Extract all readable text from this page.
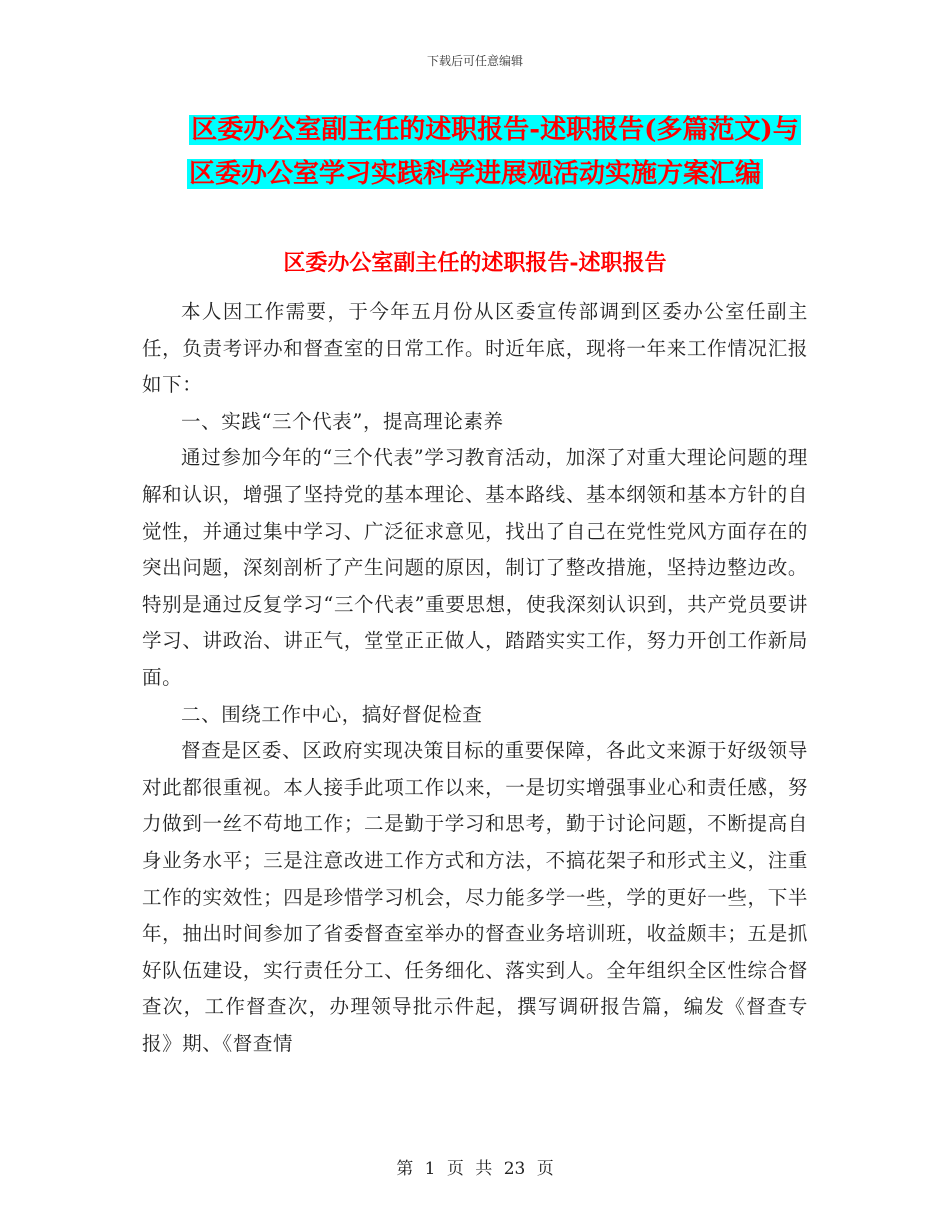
下载后可任意编辑
区委办公室副主任的述职报告-述职报告(多篇范文)与
区委办公室学习实践科学进展观活动实施方案汇编
区委办公室副主任的述职报告-述职报告

本人因工作需要，于今年五月份从区委宣传部调到区委办公室任副主任，负责考评办和督查室的日常工作。时近年底，现将一年来工作情况汇报如下：

一、实践“三个代表”，提高理论素养

通过参加今年的“三个代表”学习教育活动，加深了对重大理论问题的理解和认识，增强了坚持党的基本理论、基本路线、基本纲领和基本方针的自觉性，并通过集中学习、广泛征求意见，找出了自己在党性党风方面存在的突出问题，深刻剖析了产生问题的原因，制订了整改措施，坚持边整边改。特别是通过反复学习“三个代表”重要思想，使我深刻认识到，共产党员要讲学习、讲政治、讲正气，堂堂正正做人，踏踏实实工作，努力开创工作新局面。

二、围绕工作中心，搞好督促检查

督查是区委、区政府实现决策目标的重要保障，各此文来源于好级领导对此都很重视。本人接手此项工作以来，一是切实增强事业心和责任感，努力做到一丝不苟地工作；二是勤于学习和思考，勤于讨论问题，不断提高自身业务水平；三是注意改进工作方式和方法，不搞花架子和形式主义，注重工作的实效性；四是珍惜学习机会，尽力能多学一些，学的更好一些，下半年，抽出时间参加了省委督查室举办的督查业务培训班，收益颇丰；五是抓好队伍建设，实行责任分工、任务细化、落实到人。全年组织全区性综合督查次，工作督查次，办理领导批示件起，撰写调研报告篇，编发《督查专报》期、《督查情

第 1 页 共 23 页
